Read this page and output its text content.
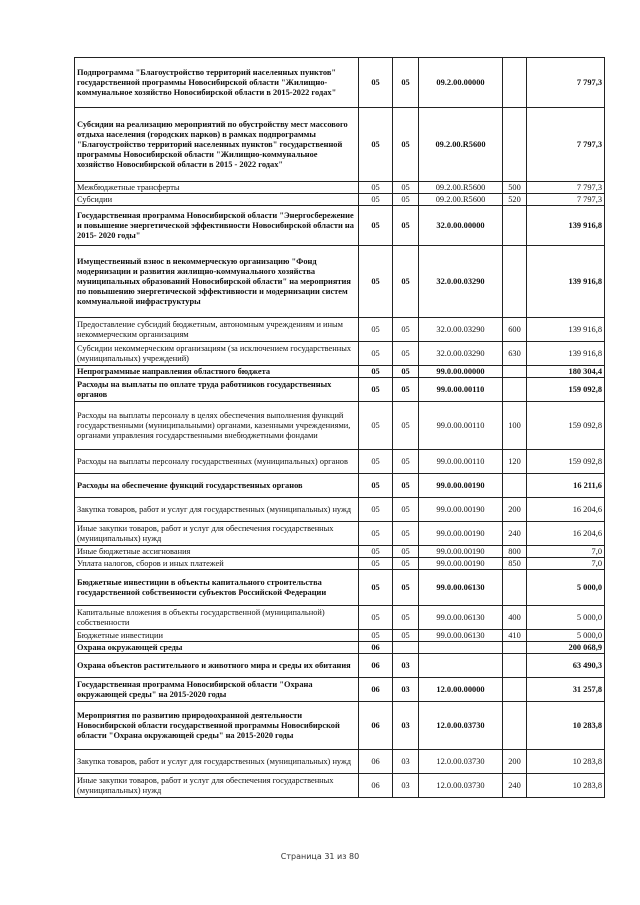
Подпрограмма "Благоустройство территорий населенных пунктов" государственной программы Новосибирской области "Жилищно-коммунальное хозяйство Новосибирской области в 2015-2022 годах"	05	05	09.2.00.00000		7 797,3
Субсидии на реализацию мероприятий по обустройству мест массового отдыха населения (городских парков) в рамках подпрограммы "Благоустройство территорий населенных пунктов" государственной программы Новосибирской области "Жилищно-коммунальное хозяйство Новосибирской области в 2015 - 2022 годах"	05	05	09.2.00.R5600		7 797,3
Межбюджетные трансферты	05	05	09.2.00.R5600	500	7 797,3
Субсидии	05	05	09.2.00.R5600	520	7 797,3
Государственная программа Новосибирской области "Энергосбережение и повышение энергетической эффективности Новосибирской области на 2015- 2020 годы"	05	05	32.0.00.00000		139 916,8
Имущественный взнос в некоммерческую организацию "Фонд модернизации и развития жилищно-коммунального хозяйства муниципальных образований Новосибирской области" на мероприятия по повышению энергетической эффективности и модернизации систем коммунальной инфраструктуры	05	05	32.0.00.03290		139 916,8
Предоставление субсидий бюджетным, автономным учреждениям и иным некоммерческим организациям	05	05	32.0.00.03290	600	139 916,8
Субсидии некоммерческим организациям (за исключением государственных (муниципальных) учреждений)	05	05	32.0.00.03290	630	139 916,8
Непрограммные направления областного бюджета	05	05	99.0.00.00000		180 304,4
Расходы на выплаты по оплате труда работников государственных органов	05	05	99.0.00.00110		159 092,8
Расходы на выплаты персоналу в целях обеспечения выполнения функций государственными (муниципальными) органами, казенными учреждениями, органами управления государственными внебюджетными фондами	05	05	99.0.00.00110	100	159 092,8
Расходы на выплаты персоналу государственных (муниципальных) органов	05	05	99.0.00.00110	120	159 092,8
Расходы на обеспечение функций государственных органов	05	05	99.0.00.00190		16 211,6
Закупка товаров, работ и услуг для государственных (муниципальных) нужд	05	05	99.0.00.00190	200	16 204,6
Иные закупки товаров, работ и услуг для обеспечения государственных (муниципальных) нужд	05	05	99.0.00.00190	240	16 204,6
Иные бюджетные ассигнования	05	05	99.0.00.00190	800	7,0
Уплата налогов, сборов и иных платежей	05	05	99.0.00.00190	850	7,0
Бюджетные инвестиции в объекты капитального строительства государственной собственности субъектов Российской Федерации	05	05	99.0.00.06130		5 000,0
Капитальные вложения в объекты государственной (муниципальной) собственности	05	05	99.0.00.06130	400	5 000,0
Бюджетные инвестиции	05	05	99.0.00.06130	410	5 000,0
Охрана окружающей среды	06				200 068,9
Охрана объектов растительного и животного мира и среды их обитания	06	03			63 490,3
Государственная программа Новосибирской области "Охрана окружающей среды" на 2015-2020 годы	06	03	12.0.00.00000		31 257,8
Мероприятия по развитию природоохранной деятельности Новосибирской области государственной программы Новосибирской области "Охрана окружающей среды" на 2015-2020 годы	06	03	12.0.00.03730		10 283,8
Закупка товаров, работ и услуг для государственных (муниципальных) нужд	06	03	12.0.00.03730	200	10 283,8
Иные закупки товаров, работ и услуг для обеспечения государственных (муниципальных) нужд	06	03	12.0.00.03730	240	10 283,8
Страница 31 из 80
